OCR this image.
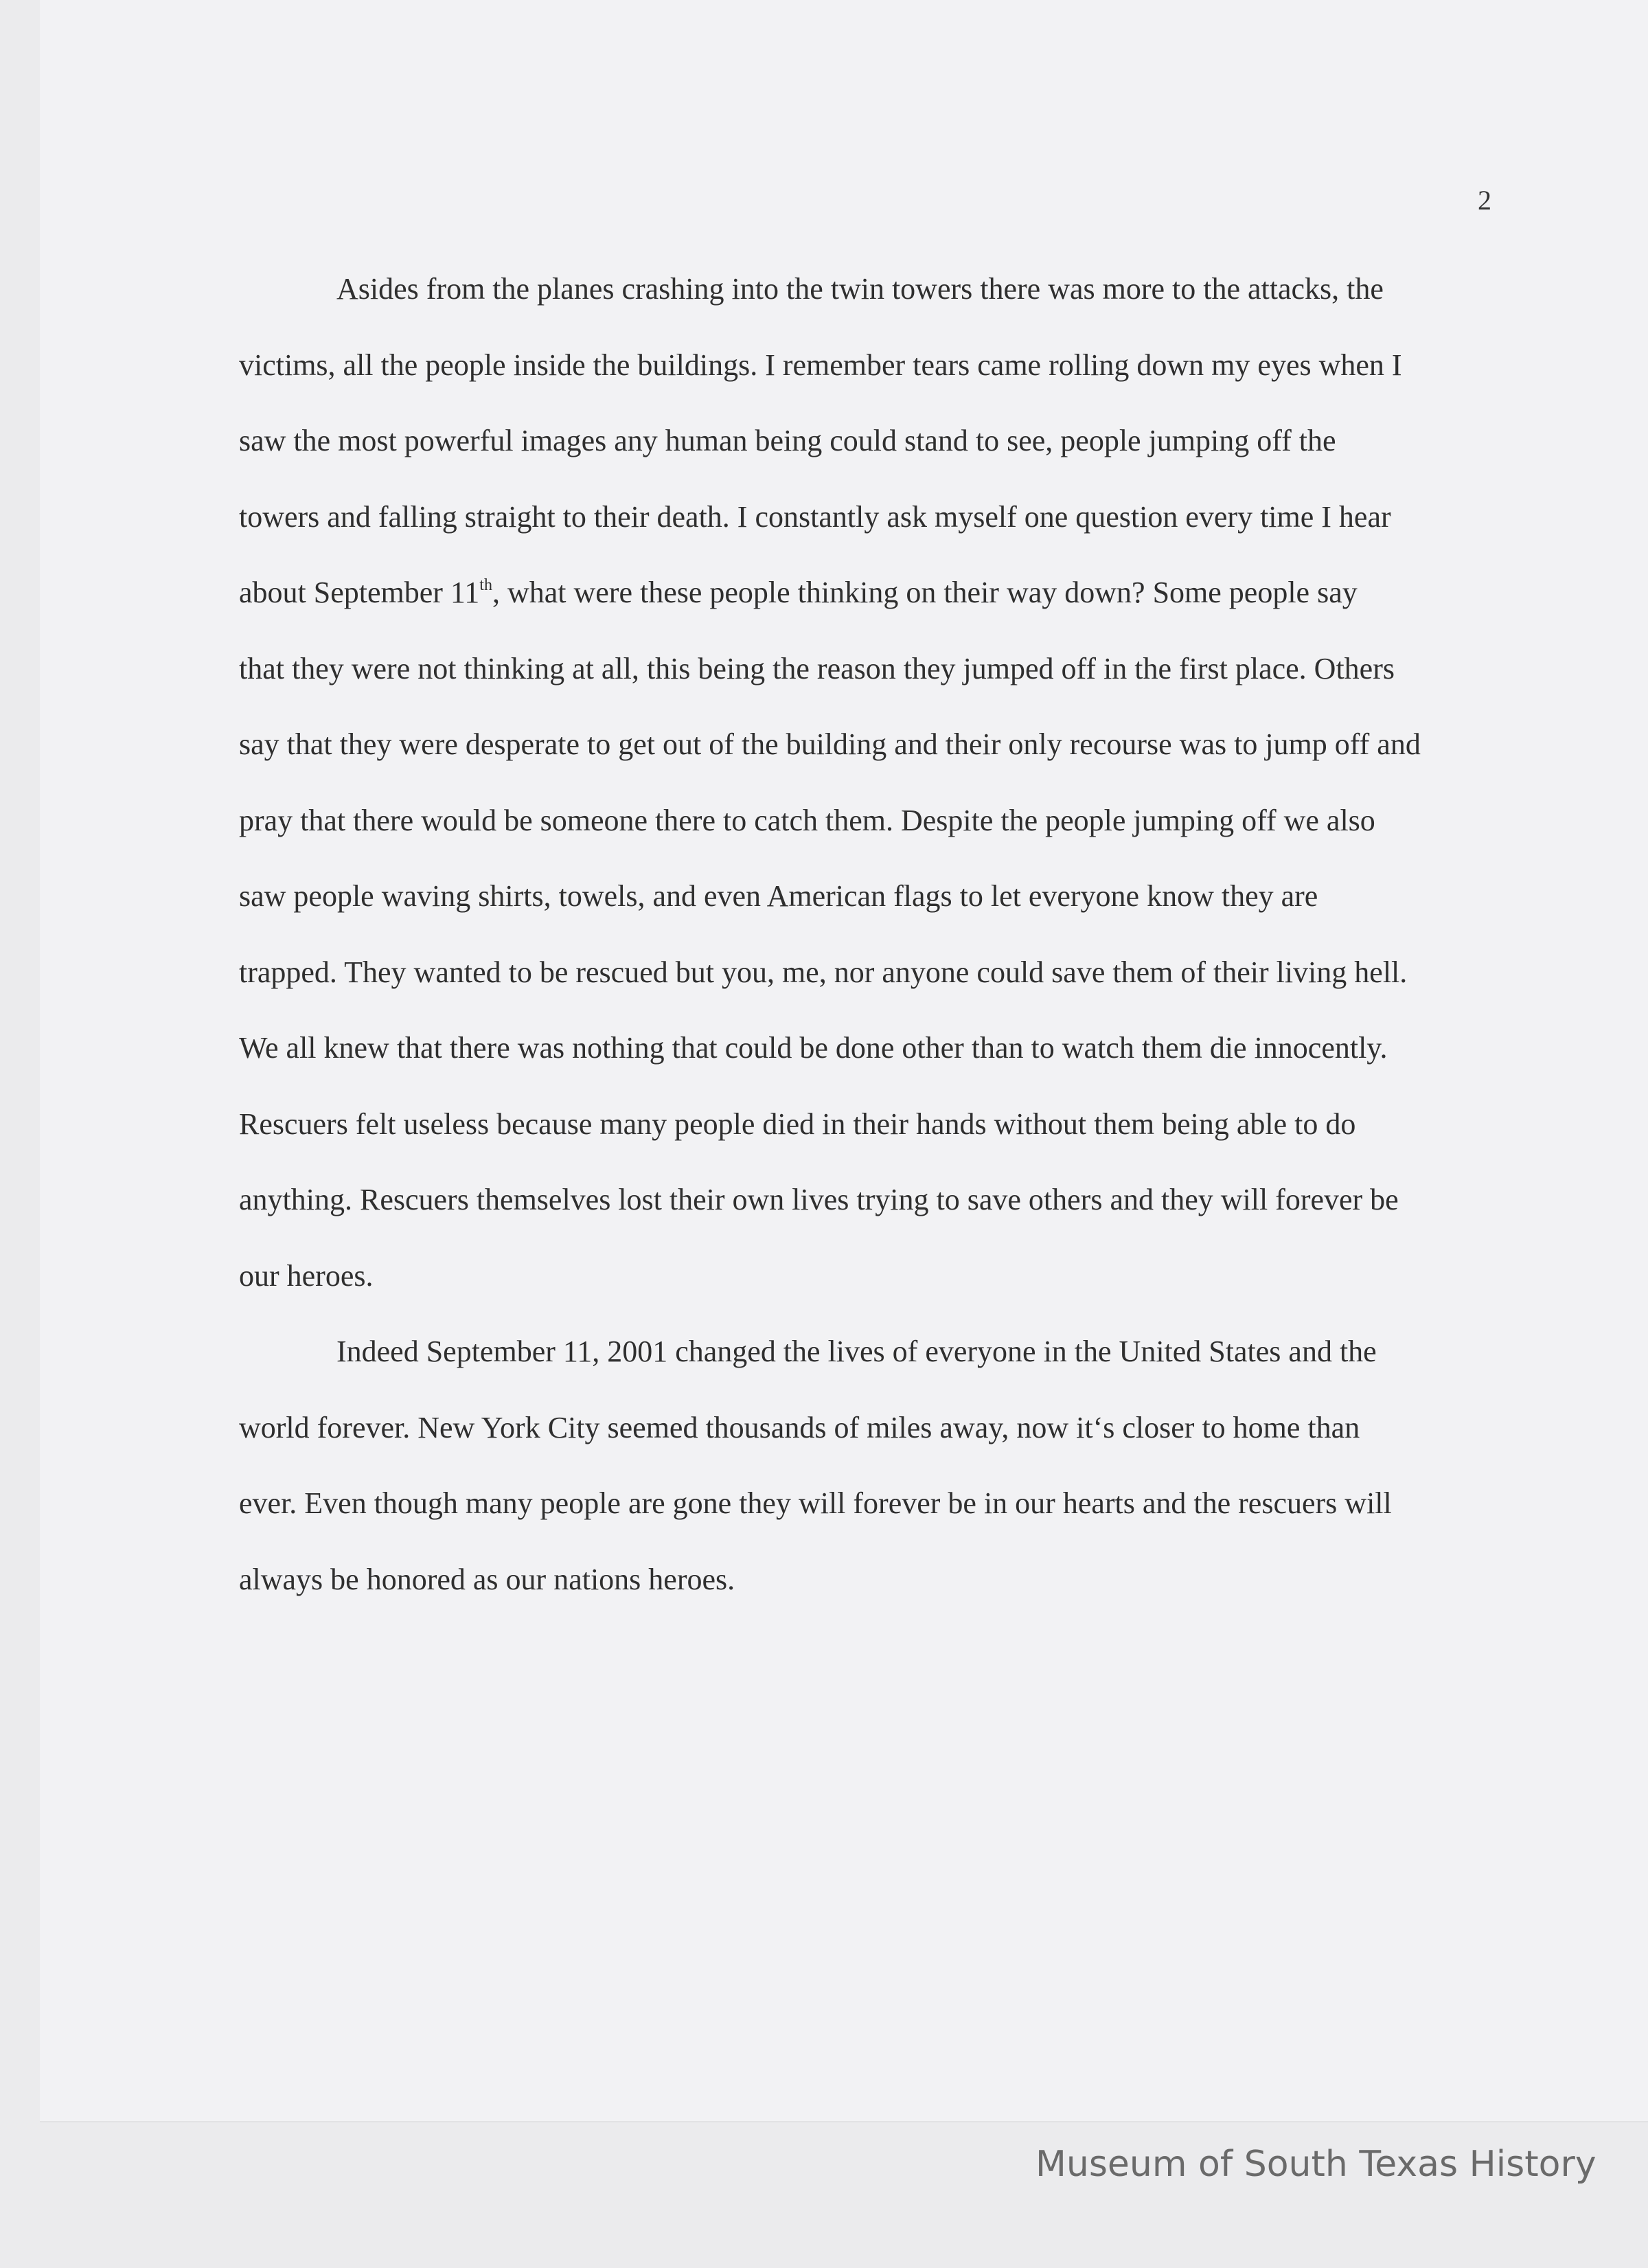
2
Asides from the planes crashing into the twin towers there was more to the attacks, the
victims, all the people inside the buildings. I remember tears came rolling down my eyes when I
saw the most powerful images any human being could stand to see, people jumping off the
towers and falling straight to their death. I constantly ask myself one question every time I hear
about September 11th, what were these people thinking on their way down? Some people say
that they were not thinking at all, this being the reason they jumped off in the first place. Others
say that they were desperate to get out of the building and their only recourse was to jump off and
pray that there would be someone there to catch them. Despite the people jumping off we also
saw people waving shirts, towels, and even American flags to let everyone know they are
trapped. They wanted to be rescued but you, me, nor anyone could save them of their living hell.
We all knew that there was nothing that could be done other than to watch them die innocently.
Rescuers felt useless because many people died in their hands without them being able to do
anything. Rescuers themselves lost their own lives trying to save others and they will forever be
our heroes.
Indeed September 11, 2001 changed the lives of everyone in the United States and the
world forever. New York City seemed thousands of miles away, now it‘s closer to home than
ever. Even though many people are gone they will forever be in our hearts and the rescuers will
always be honored as our nations heroes.
Museum of South Texas History
